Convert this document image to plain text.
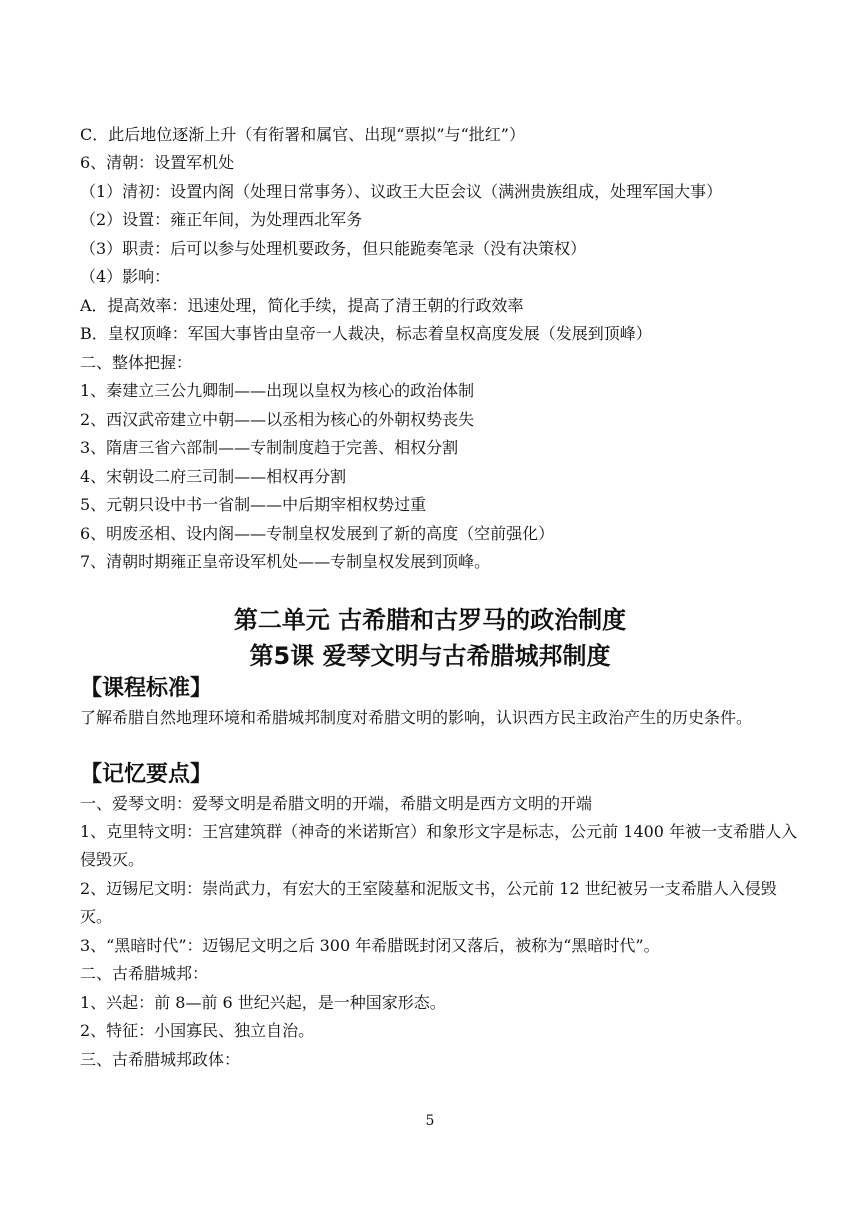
C．此后地位逐渐上升（有衔署和属官、出现“票拟”与“批红”）
6、清朝：设置军机处
（1）清初：设置内阁（处理日常事务）、议政王大臣会议（满洲贵族组成，处理军国大事）
（2）设置：雍正年间，为处理西北军务
（3）职责：后可以参与处理机要政务，但只能跪奏笔录（没有决策权）
（4）影响：
A．提高效率：迅速处理，简化手续，提高了清王朝的行政效率
B．皇权顶峰：军国大事皆由皇帝一人裁决，标志着皇权高度发展（发展到顶峰）
二、整体把握：
1、秦建立三公九卿制——出现以皇权为核心的政治体制
2、西汉武帝建立中朝——以丞相为核心的外朝权势丧失
3、隋唐三省六部制——专制制度趋于完善、相权分割
4、宋朝设二府三司制——相权再分割
5、元朝只设中书一省制——中后期宰相权势过重
6、明废丞相、设内阁——专制皇权发展到了新的高度（空前强化）
7、清朝时期雍正皇帝设军机处——专制皇权发展到顶峰。
第二单元 古希腊和古罗马的政治制度
第5课 爱琴文明与古希腊城邦制度
【课程标准】
了解希腊自然地理环境和希腊城邦制度对希腊文明的影响，认识西方民主政治产生的历史条件。
【记忆要点】
一、爱琴文明：爱琴文明是希腊文明的开端，希腊文明是西方文明的开端
1、克里特文明：王宫建筑群（神奇的米诺斯宫）和象形文字是标志，公元前 1400 年被一支希腊人入侵毁灭。
2、迈锡尼文明：崇尚武力，有宏大的王室陵墓和泥版文书，公元前 12 世纪被另一支希腊人入侵毁灭。
3、“黑暗时代”：迈锡尼文明之后 300 年希腊既封闭又落后，被称为“黑暗时代”。
二、古希腊城邦：
1、兴起：前 8—前 6 世纪兴起，是一种国家形态。
2、特征：小国寡民、独立自治。
三、古希腊城邦政体：
5
